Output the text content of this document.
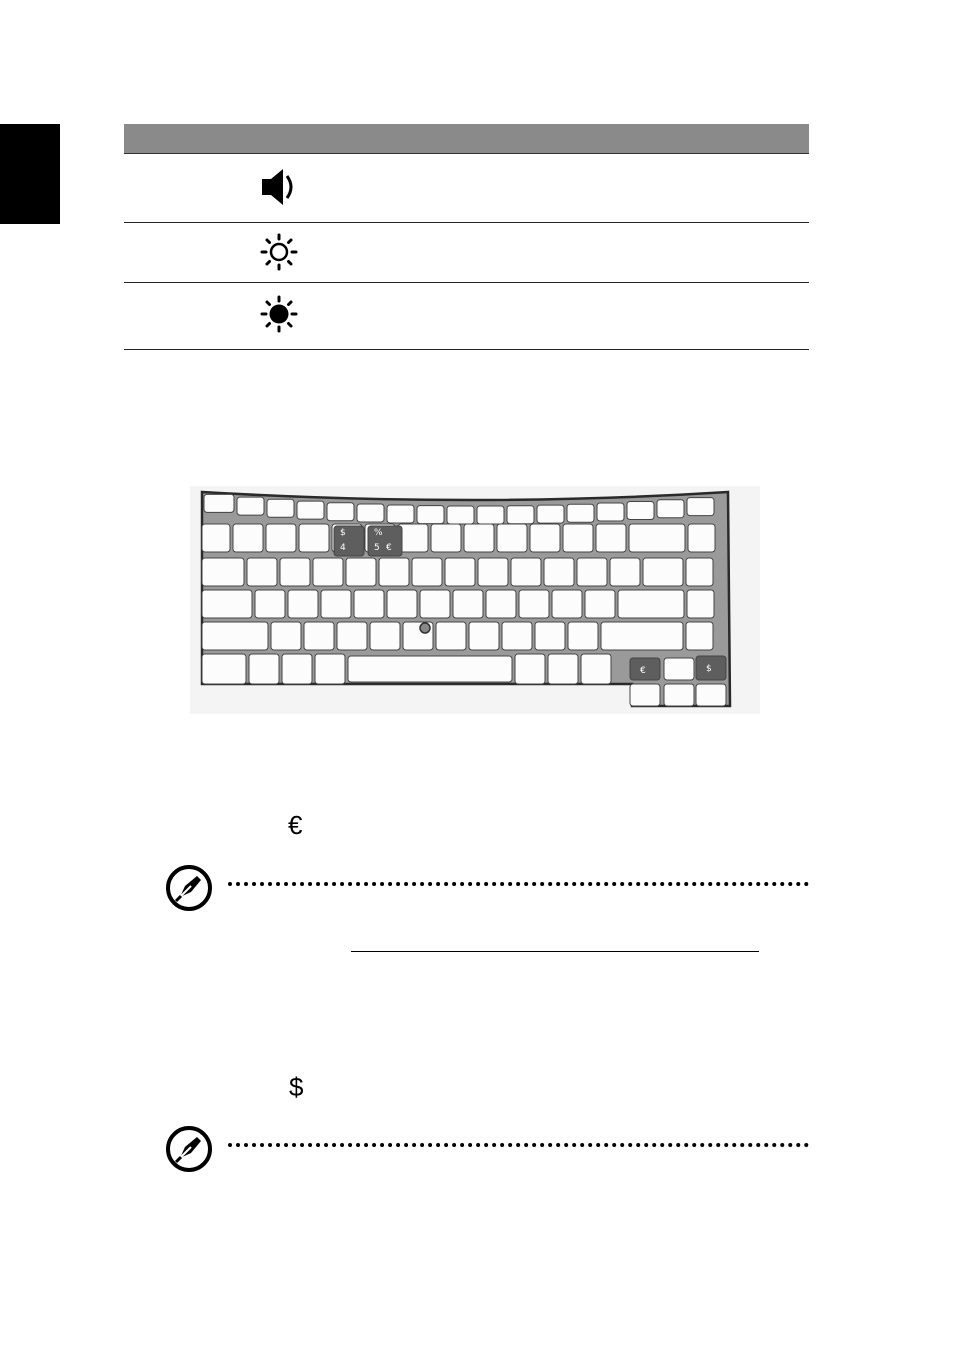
$
4
%
5 €
€	$
€
$
